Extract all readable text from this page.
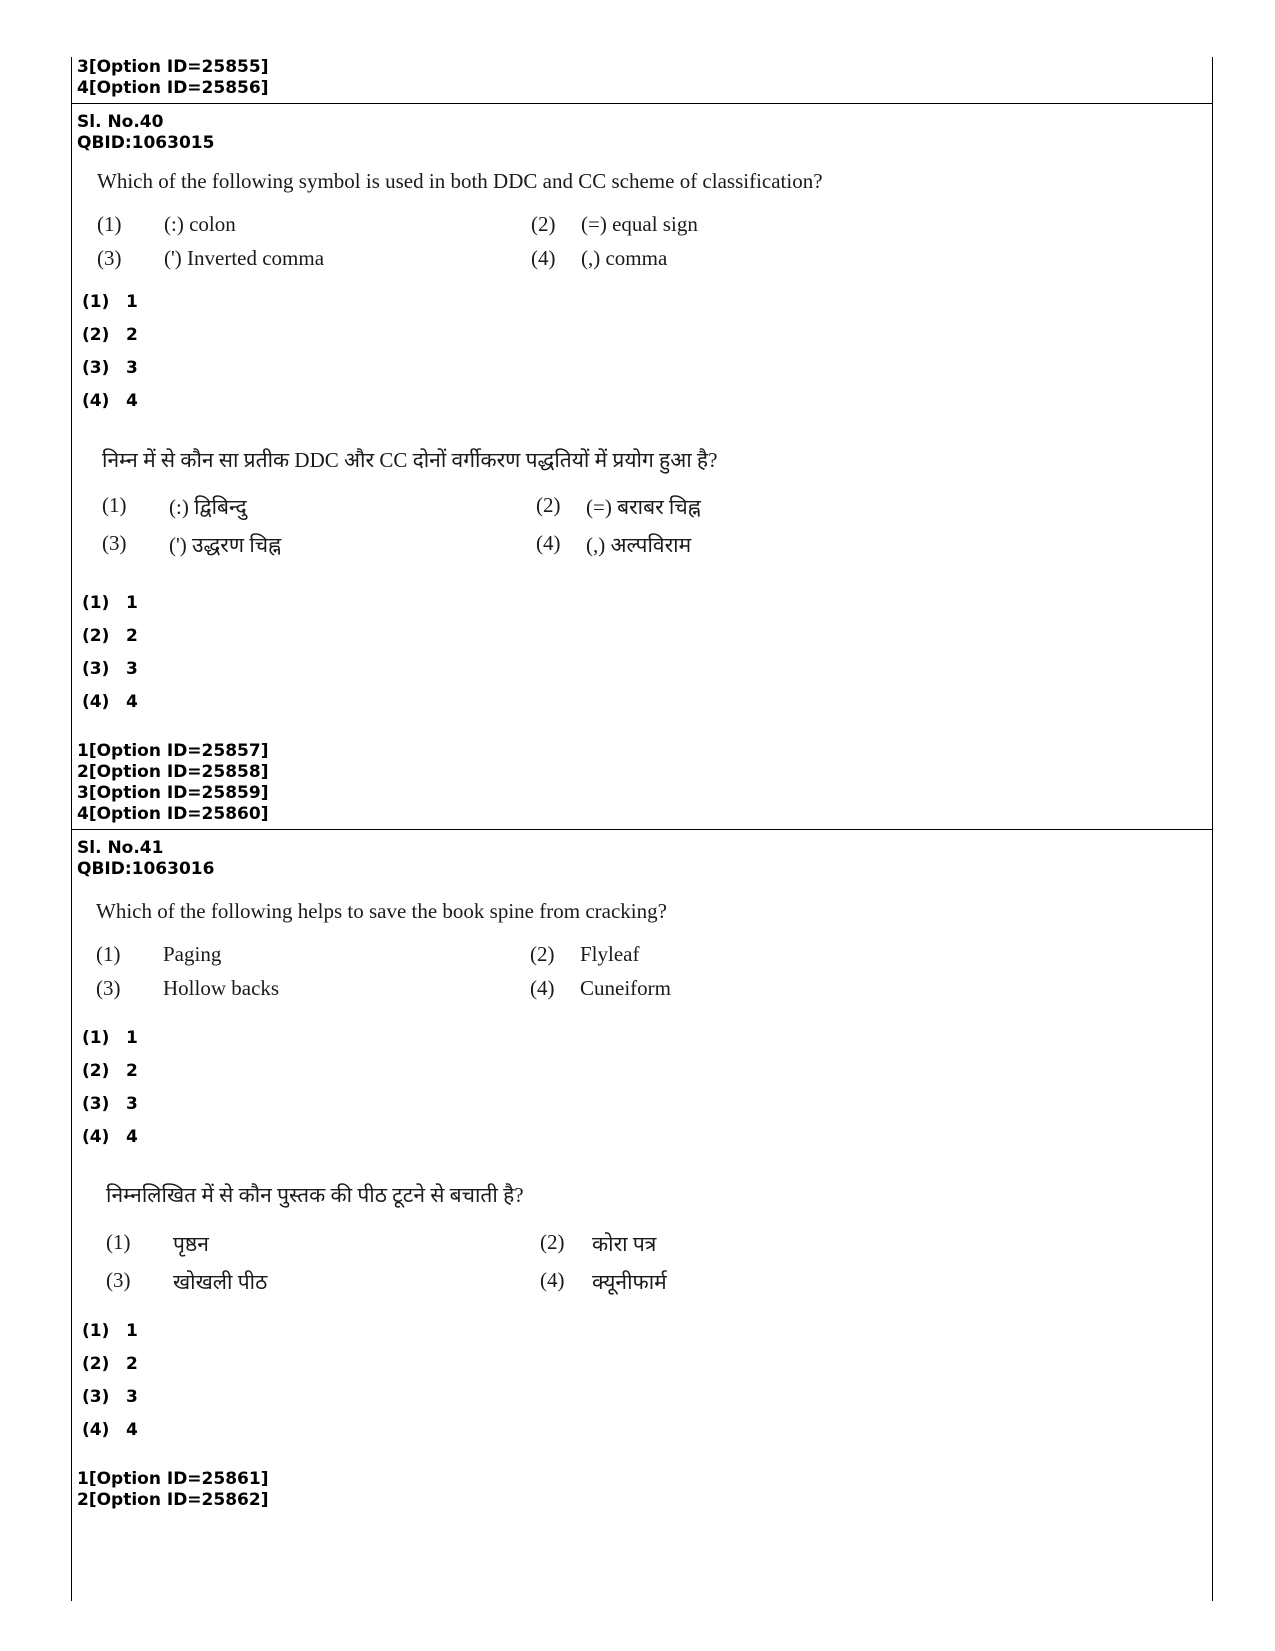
3[Option ID=25855]
4[Option ID=25856]
Sl. No.40
QBID:1063015
Which of the following symbol is used in both DDC and CC scheme of classification?
(1) (:) colon	(2) (=) equal sign
(3) (') Inverted comma	(4) (,) comma
(1) 1
(2) 2
(3) 3
(4) 4
निम्न में से कौन सा प्रतीक DDC और CC दोनों वर्गीकरण पद्धतियों में प्रयोग हुआ है?
(1) (:) द्विबिन्दु	(2) (=) बराबर चिह्न
(3) (') उद्धरण चिह्न	(4) (,) अल्पविराम
(1) 1
(2) 2
(3) 3
(4) 4
1[Option ID=25857]
2[Option ID=25858]
3[Option ID=25859]
4[Option ID=25860]
Sl. No.41
QBID:1063016
Which of the following helps to save the book spine from cracking?
(1) Paging	(2) Flyleaf
(3) Hollow backs	(4) Cuneiform
(1) 1
(2) 2
(3) 3
(4) 4
निम्नलिखित में से कौन पुस्तक की पीठ टूटने से बचाती है?
(1) पृष्ठन	(2) कोरा पत्र
(3) खोखली पीठ	(4) क्यूनीफार्म
(1) 1
(2) 2
(3) 3
(4) 4
1[Option ID=25861]
2[Option ID=25862]
